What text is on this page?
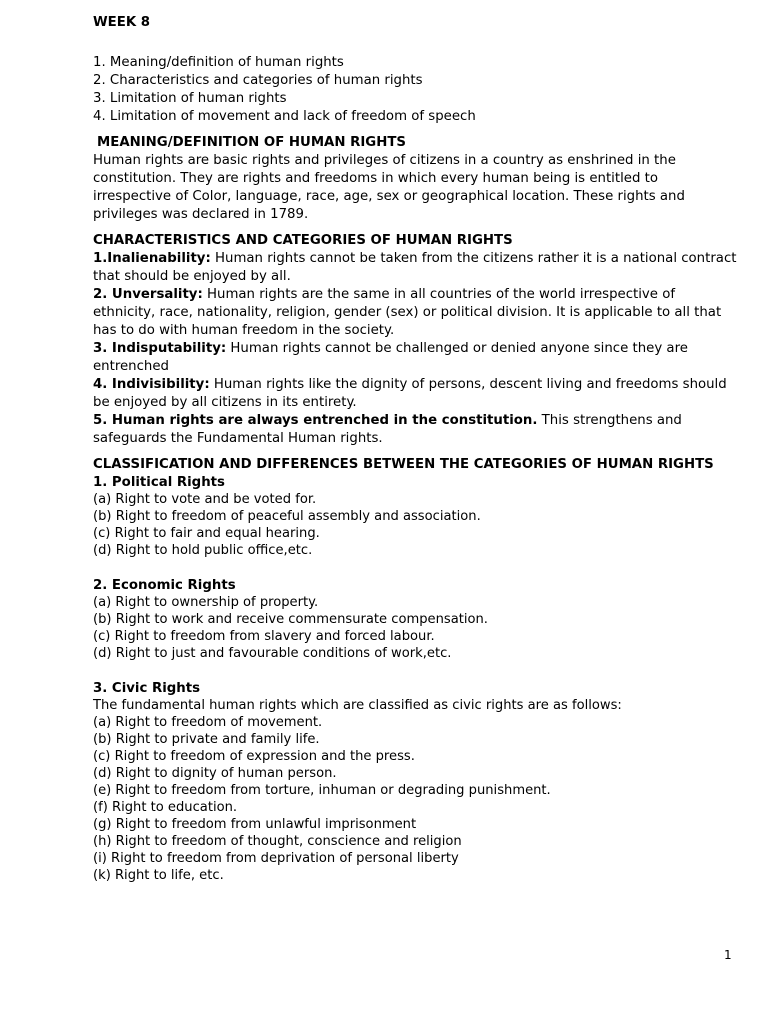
WEEK 8

1. Meaning/definition of human rights

2. Characteristics and categories of human rights

3. Limitation of human rights

4. Limitation of movement and lack of freedom of speech

MEANING/DEFINITION OF HUMAN RIGHTS

Human rights are basic rights and privileges of citizens in a country as enshrined in the constitution. They are rights and freedoms in which every human being is entitled to irrespective of Color, language, race, age, sex or geographical location. These rights and privileges was declared in 1789.

CHARACTERISTICS AND CATEGORIES OF HUMAN RIGHTS

1.Inalienability: Human rights cannot be taken from the citizens rather it is a national contract that should be enjoyed by all.

2. Unversality: Human rights are the same in all countries of the world irrespective of ethnicity, race, nationality, religion, gender (sex) or political division. It is applicable to all that has to do with human freedom in the society.

3. Indisputability: Human rights cannot be challenged or denied anyone since they are entrenched

4. Indivisibility: Human rights like the dignity of persons, descent living and freedoms should be enjoyed by all citizens in its entirety.

5. Human rights are always entrenched in the constitution. This strengthens and safeguards the Fundamental Human rights.

CLASSIFICATION AND DIFFERENCES BETWEEN THE CATEGORIES OF HUMAN RIGHTS

1. Political Rights

(a) Right to vote and be voted for.

(b) Right to freedom of peaceful assembly and association.

(c) Right to fair and equal hearing.

(d) Right to hold public office,etc.

2. Economic Rights

(a) Right to ownership of property.

(b) Right to work and receive commensurate compensation.

(c) Right to freedom from slavery and forced labour.

(d) Right to just and favourable conditions of work,etc.

3. Civic Rights

The fundamental human rights which are classified as civic rights are as follows:

(a) Right to freedom of movement.

(b) Right to private and family life.

(c) Right to freedom of expression and the press.

(d) Right to dignity of human person.

(e) Right to freedom from torture, inhuman or degrading punishment.

(f) Right to education.

(g) Right to freedom from unlawful imprisonment

(h) Right to freedom of thought, conscience and religion

(i) Right to freedom from deprivation of personal liberty

(k) Right to life, etc.

1
